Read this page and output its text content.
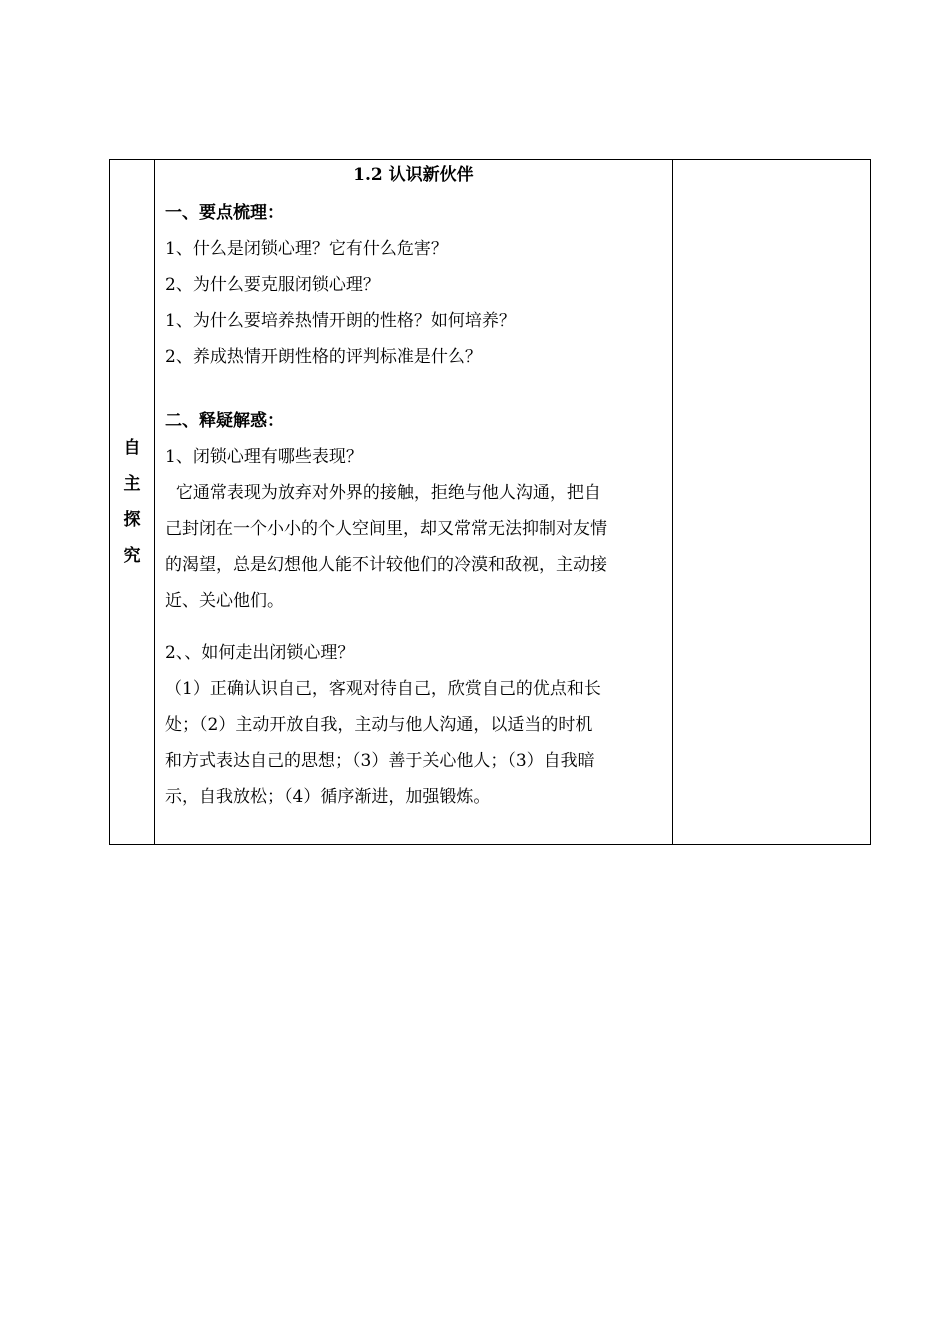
自
主
探
究

1.2 认识新伙伴
一、要点梳理：
1、什么是闭锁心理？它有什么危害？
2、为什么要克服闭锁心理？
1、为什么要培养热情开朗的性格？如何培养？
2、养成热情开朗性格的评判标准是什么？
二、释疑解惑：
1、闭锁心理有哪些表现？
它通常表现为放弃对外界的接触，拒绝与他人沟通，把自
己封闭在一个小小的个人空间里，却又常常无法抑制对友情
的渴望，总是幻想他人能不计较他们的冷漠和敌视，主动接
近、关心他们。
2、、如何走出闭锁心理？
（1）正确认识自己，客观对待自己，欣赏自己的优点和长
处；（2）主动开放自我，主动与他人沟通，以适当的时机
和方式表达自己的思想；（3）善于关心他人；（3）自我暗
示，自我放松；（4）循序渐进，加强锻炼。
